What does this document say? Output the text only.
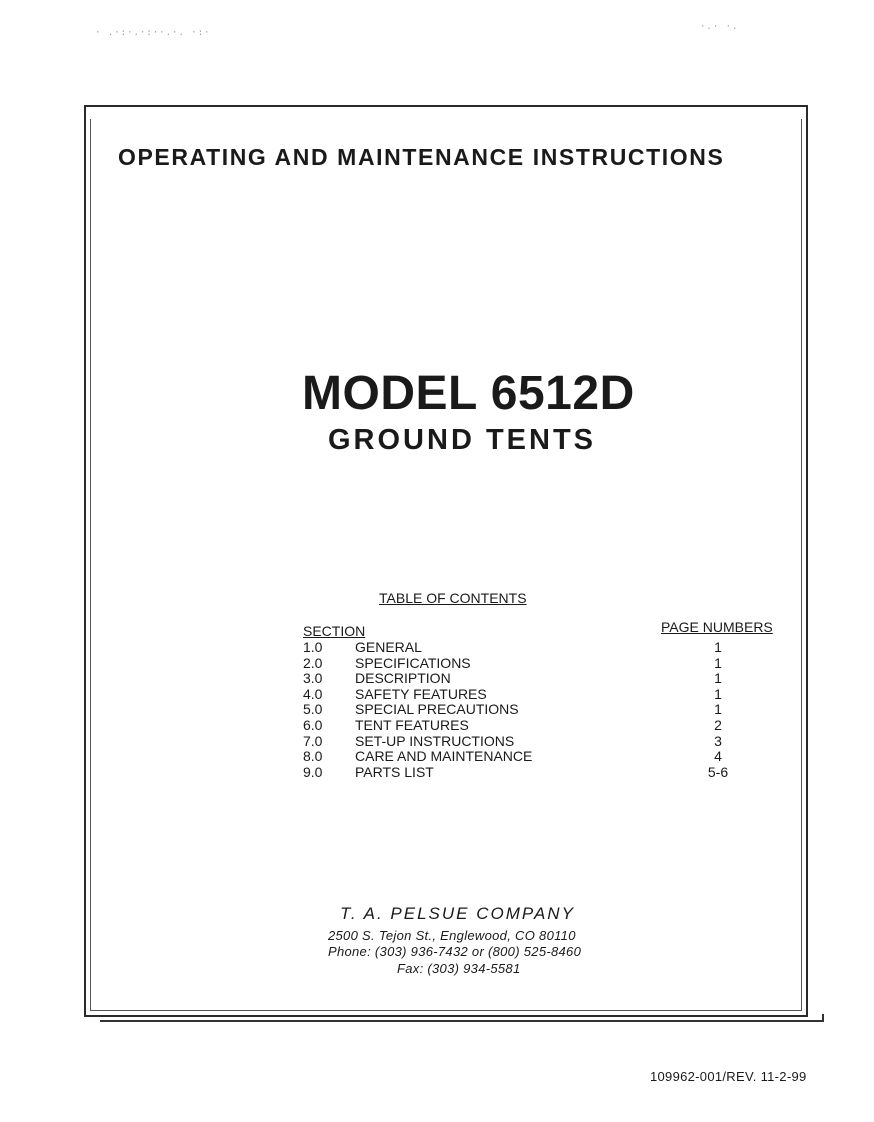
· .·:·.·:··.·. ·:·
·.· ·.
OPERATING AND MAINTENANCE INSTRUCTIONS
MODEL 6512D
GROUND TENTS
TABLE OF CONTENTS
SECTION	PAGE NUMBERS
1.0	GENERAL	1
2.0	SPECIFICATIONS	1
3.0	DESCRIPTION	1
4.0	SAFETY FEATURES	1
5.0	SPECIAL PRECAUTIONS	1
6.0	TENT FEATURES	2
7.0	SET-UP INSTRUCTIONS	3
8.0	CARE AND MAINTENANCE	4
9.0	PARTS LIST	5-6
T. A. PELSUE COMPANY
2500 S. Tejon St., Englewood, CO 80110
Phone: (303) 936-7432 or (800) 525-8460
Fax: (303) 934-5581
109962-001/REV. 11-2-99
